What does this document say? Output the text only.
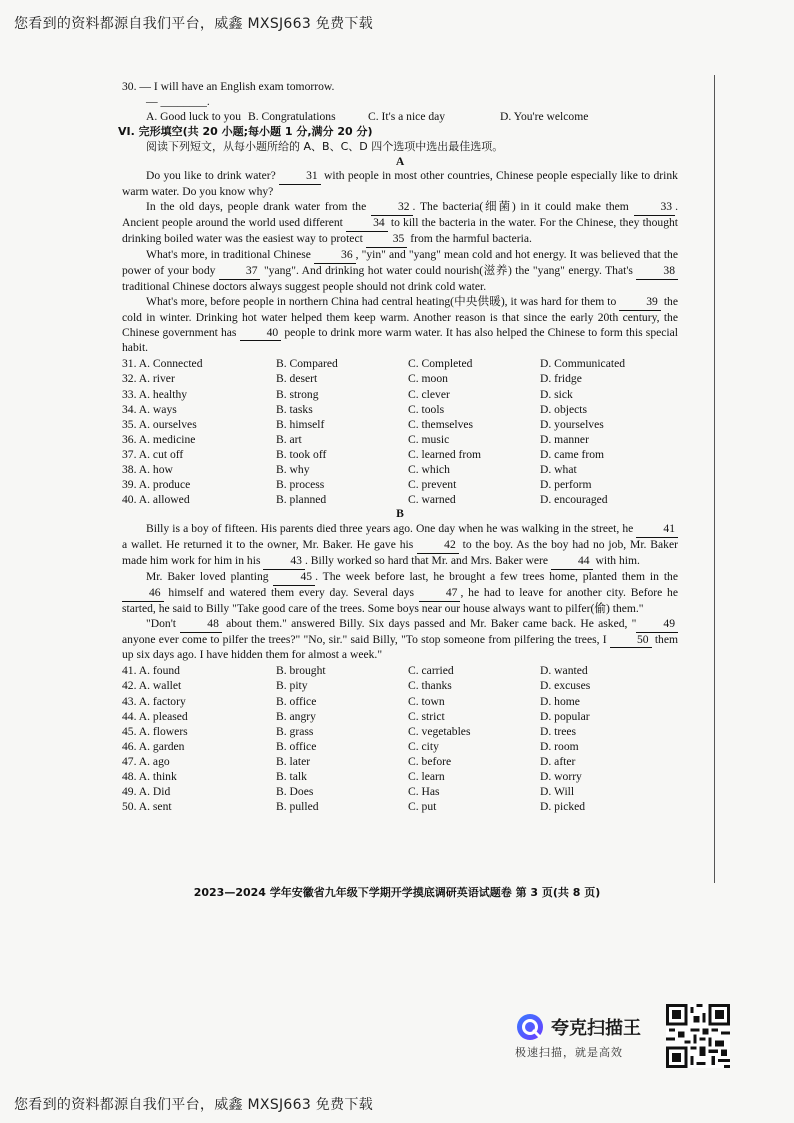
您看到的资料都源自我们平台，威鑫 MXSJ663 免费下载
30. — I will have an English exam tomorrow.
— ________.
A. Good luck to you B. Congratulations	C. It's a nice day	D. You're welcome
VI. 完形填空(共 20 小题;每小题 1 分,满分 20 分)
阅读下列短文，从每小题所给的 A、B、C、D 四个选项中选出最佳选项。
A

Do you like to drink water?	31 with people in most other countries, Chinese people especially like to drink warm water. Do you know why?

In the old days, people drank water from the	32 . The bacteria(细菌) in it could make them	33 . Ancient people around the world used different	34 to kill the bacteria in the water. For the Chinese, they thought drinking boiled water was the easiest way to protect	35 from the harmful bacteria.

What's more, in traditional Chinese	36 , "yin" and "yang" mean cold and hot energy. It was believed that the power of your body	37 "yang". And drinking hot water could nourish(滋养) the "yang" energy. That's	38 traditional Chinese doctors always suggest people should not drink cold water.

What's more, before people in northern China had central heating(中央供暖), it was hard for them to	39 the cold in winter. Drinking hot water helped them keep warm. Another reason is that since the early 20th century, the Chinese government has	40 people to drink more warm water. It has also helped the Chinese to form this special habit.

31. A. Connected	B. Compared	C. Completed	D. Communicated
32. A. river	B. desert	C. moon	D. fridge
33. A. healthy	B. strong	C. clever	D. sick
34. A. ways	B. tasks	C. tools	D. objects
35. A. ourselves	B. himself	C. themselves	D. yourselves
36. A. medicine	B. art	C. music	D. manner
37. A. cut off	B. took off	C. learned from	D. came from
38. A. how	B. why	C. which	D. what
39. A. produce	B. process	C. prevent	D. perform
40. A. allowed	B. planned	C. warned	D. encouraged
B

Billy is a boy of fifteen. His parents died three years ago. One day when he was walking in the street, he	41 a wallet. He returned it to the owner, Mr. Baker. He gave his	42 to the boy. As the boy had no job, Mr. Baker made him work for him in his	43 . Billy worked so hard that Mr. and Mrs. Baker were	44 with him.

Mr. Baker loved planting	45 . The week before last, he brought a few trees home, planted them in the 46 himself and watered them every day. Several days	47 , he had to leave for another city. Before he started, he said to Billy "Take good care of the trees. Some boys near our house always want to pilfer(偷) them."

"Don't	48 about them." answered Billy. Six days passed and Mr. Baker came back. He asked, " 49 anyone ever come to pilfer the trees?" "No, sir." said Billy, "To stop someone from pilfering the trees, I	50 them up six days ago. I have hidden them for almost a week."

41. A. found	B. brought	C. carried	D. wanted
42. A. wallet	B. pity	C. thanks	D. excuses
43. A. factory	B. office	C. town	D. home
44. A. pleased	B. angry	C. strict	D. popular
45. A. flowers	B. grass	C. vegetables	D. trees
46. A. garden	B. office	C. city	D. room
47. A. ago	B. later	C. before	D. after
48. A. think	B. talk	C. learn	D. worry
49. A. Did	B. Does	C. Has	D. Will
50. A. sent	B. pulled	C. put	D. picked
2023—2024 学年安徽省九年级下学期开学摸底调研英语试题卷 第 3 页(共 8 页)
夸克扫描王
极速扫描，就是高效
您看到的资料都源自我们平台，威鑫 MXSJ663 免费下载
